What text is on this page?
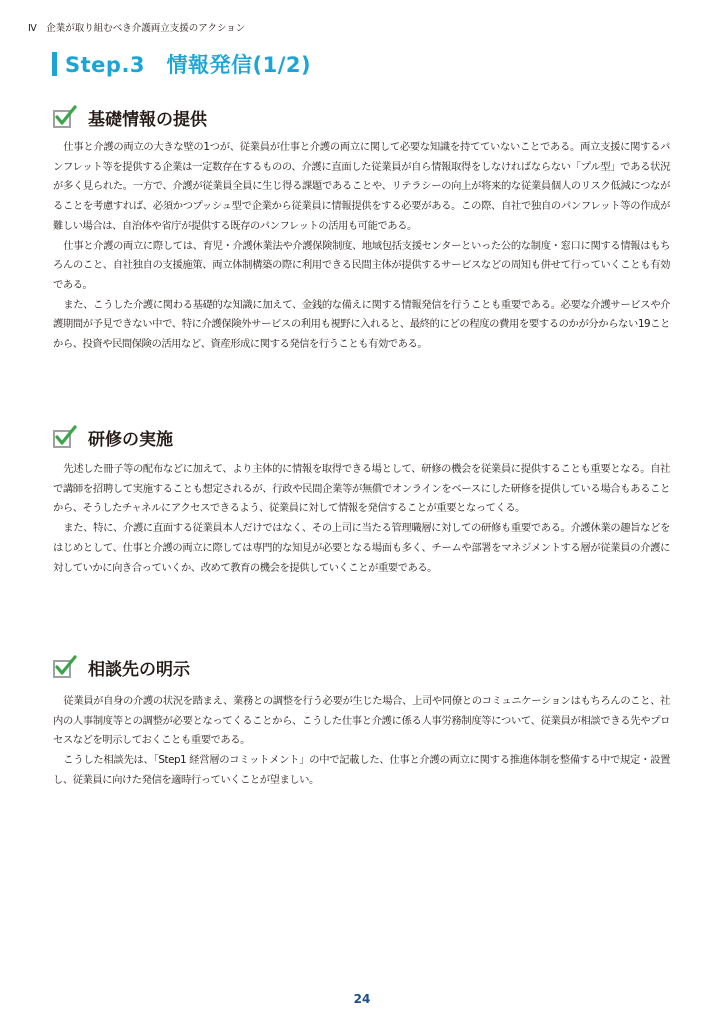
Ⅳ　企業が取り組むべき介護両立支援のアクション
Step.3　情報発信(1/2)
基礎情報の提供

仕事と介護の両立の大きな壁の1つが、従業員が仕事と介護の両立に関して必要な知識を持てていないことである。両立支援に関するパンフレット等を提供する企業は一定数存在するものの、介護に直面した従業員が自ら情報取得をしなければならない「プル型」である状況が多く見られた。一方で、介護が従業員全員に生じ得る課題であることや、リテラシーの向上が将来的な従業員個人のリスク低減につながることを考慮すれば、必須かつプッシュ型で企業から従業員に情報提供をする必要がある。この際、自社で独自のパンフレット等の作成が難しい場合は、自治体や省庁が提供する既存のパンフレットの活用も可能である。

仕事と介護の両立に際しては、育児・介護休業法や介護保険制度、地域包括支援センターといった公的な制度・窓口に関する情報はもちろんのこと、自社独自の支援施策、両立体制構築の際に利用できる民間主体が提供するサービスなどの周知も併せて行っていくことも有効である。

また、こうした介護に関わる基礎的な知識に加えて、金銭的な備えに関する情報発信を行うことも重要である。必要な介護サービスや介護期間が予見できない中で、特に介護保険外サービスの利用も視野に入れると、最終的にどの程度の費用を要するのかが分からない19ことから、投資や民間保険の活用など、資産形成に関する発信を行うことも有効である。

研修の実施

先述した冊子等の配布などに加えて、より主体的に情報を取得できる場として、研修の機会を従業員に提供することも重要となる。自社で講師を招聘して実施することも想定されるが、行政や民間企業等が無償でオンラインをベースにした研修を提供している場合もあることから、そうしたチャネルにアクセスできるよう、従業員に対して情報を発信することが重要となってくる。

また、特に、介護に直面する従業員本人だけではなく、その上司に当たる管理職層に対しての研修も重要である。介護休業の趣旨などをはじめとして、仕事と介護の両立に際しては専門的な知見が必要となる場面も多く、チームや部署をマネジメントする層が従業員の介護に対していかに向き合っていくか、改めて教育の機会を提供していくことが重要である。

相談先の明示

従業員が自身の介護の状況を踏まえ、業務との調整を行う必要が生じた場合、上司や同僚とのコミュニケーションはもちろんのこと、社内の人事制度等との調整が必要となってくることから、こうした仕事と介護に係る人事労務制度等について、従業員が相談できる先やプロセスなどを明示しておくことも重要である。

こうした相談先は、「Step1 経営層のコミットメント」の中で記載した、仕事と介護の両立に関する推進体制を整備する中で規定・設置し、従業員に向けた発信を適時行っていくことが望ましい。

24
